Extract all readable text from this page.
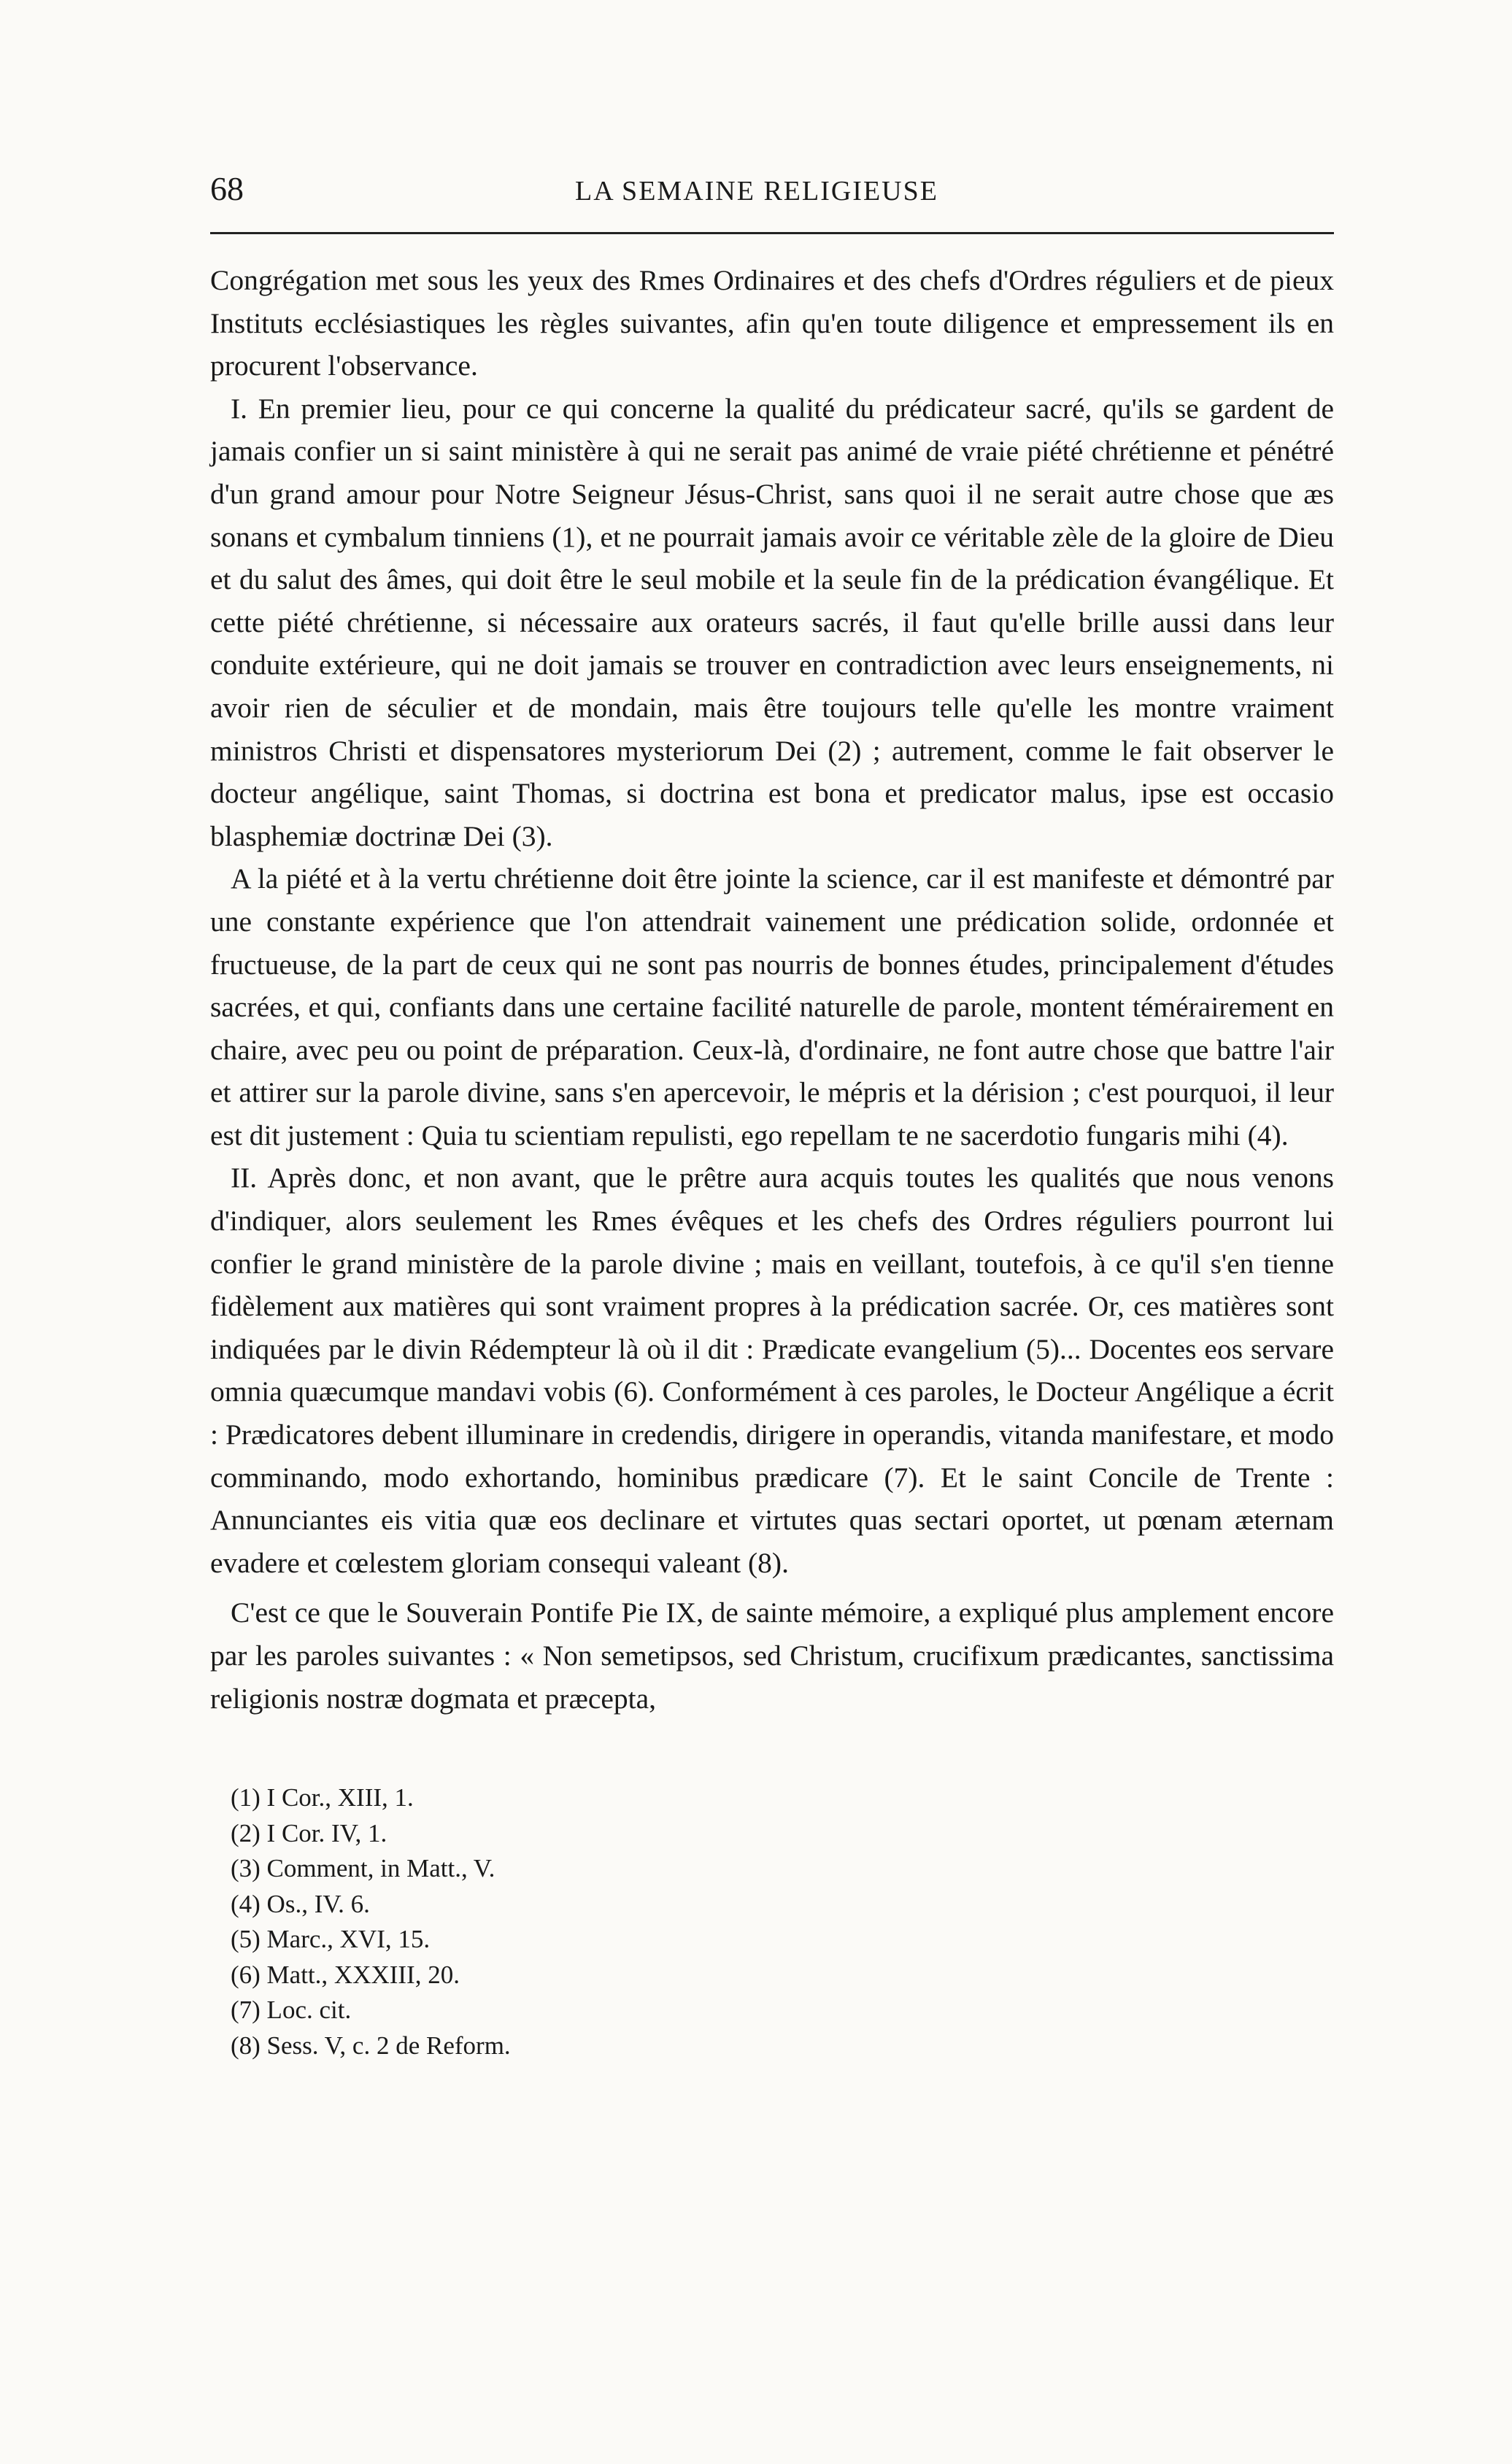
68	LA SEMAINE RELIGIEUSE

Congrégation met sous les yeux des Rmes Ordinaires et des chefs d'Ordres réguliers et de pieux Instituts ecclésiastiques les règles suivantes, afin qu'en toute diligence et empressement ils en procurent l'observance.

I. En premier lieu, pour ce qui concerne la qualité du prédicateur sacré, qu'ils se gardent de jamais confier un si saint ministère à qui ne serait pas animé de vraie piété chrétienne et pénétré d'un grand amour pour Notre Seigneur Jésus-Christ, sans quoi il ne serait autre chose que æs sonans et cymbalum tinniens (1), et ne pourrait jamais avoir ce véritable zèle de la gloire de Dieu et du salut des âmes, qui doit être le seul mobile et la seule fin de la prédication évangélique. Et cette piété chrétienne, si nécessaire aux orateurs sacrés, il faut qu'elle brille aussi dans leur conduite extérieure, qui ne doit jamais se trouver en contradiction avec leurs enseignements, ni avoir rien de séculier et de mondain, mais être toujours telle qu'elle les montre vraiment ministros Christi et dispensatores mysteriorum Dei (2) ; autrement, comme le fait observer le docteur angélique, saint Thomas, si doctrina est bona et predicator malus, ipse est occasio blasphemiæ doctrinæ Dei (3).

A la piété et à la vertu chrétienne doit être jointe la science, car il est manifeste et démontré par une constante expérience que l'on attendrait vainement une prédication solide, ordonnée et fructueuse, de la part de ceux qui ne sont pas nourris de bonnes études, principalement d'études sacrées, et qui, confiants dans une certaine facilité naturelle de parole, montent témérairement en chaire, avec peu ou point de préparation. Ceux-là, d'ordinaire, ne font autre chose que battre l'air et attirer sur la parole divine, sans s'en apercevoir, le mépris et la dérision ; c'est pourquoi, il leur est dit justement : Quia tu scientiam repulisti, ego repellam te ne sacerdotio fungaris mihi (4).

II. Après donc, et non avant, que le prêtre aura acquis toutes les qualités que nous venons d'indiquer, alors seulement les Rmes évêques et les chefs des Ordres réguliers pourront lui confier le grand ministère de la parole divine ; mais en veillant, toutefois, à ce qu'il s'en tienne fidèlement aux matières qui sont vraiment propres à la prédication sacrée. Or, ces matières sont indiquées par le divin Rédempteur là où il dit : Prædicate evangelium (5)... Docentes eos servare omnia quæcumque mandavi vobis (6). Conformément à ces paroles, le Docteur Angélique a écrit : Prædicatores debent illuminare in credendis, dirigere in operandis, vitanda manifestare, et modo comminando, modo exhortando, hominibus prædicare (7). Et le saint Concile de Trente : Annunciantes eis vitia quæ eos declinare et virtutes quas sectari oportet, ut pœnam æternam evadere et cœlestem gloriam consequi valeant (8).

C'est ce que le Souverain Pontife Pie IX, de sainte mémoire, a expliqué plus amplement encore par les paroles suivantes : « Non semetipsos, sed Christum, crucifixum prædicantes, sanctissima religionis nostræ dogmata et præcepta,

(1) I Cor., XIII, 1.
(2) I Cor. IV, 1.
(3) Comment, in Matt., V.
(4) Os., IV. 6.
(5) Marc., XVI, 15.
(6) Matt., XXXIII, 20.
(7) Loc. cit.
(8) Sess. V, c. 2 de Reform.
